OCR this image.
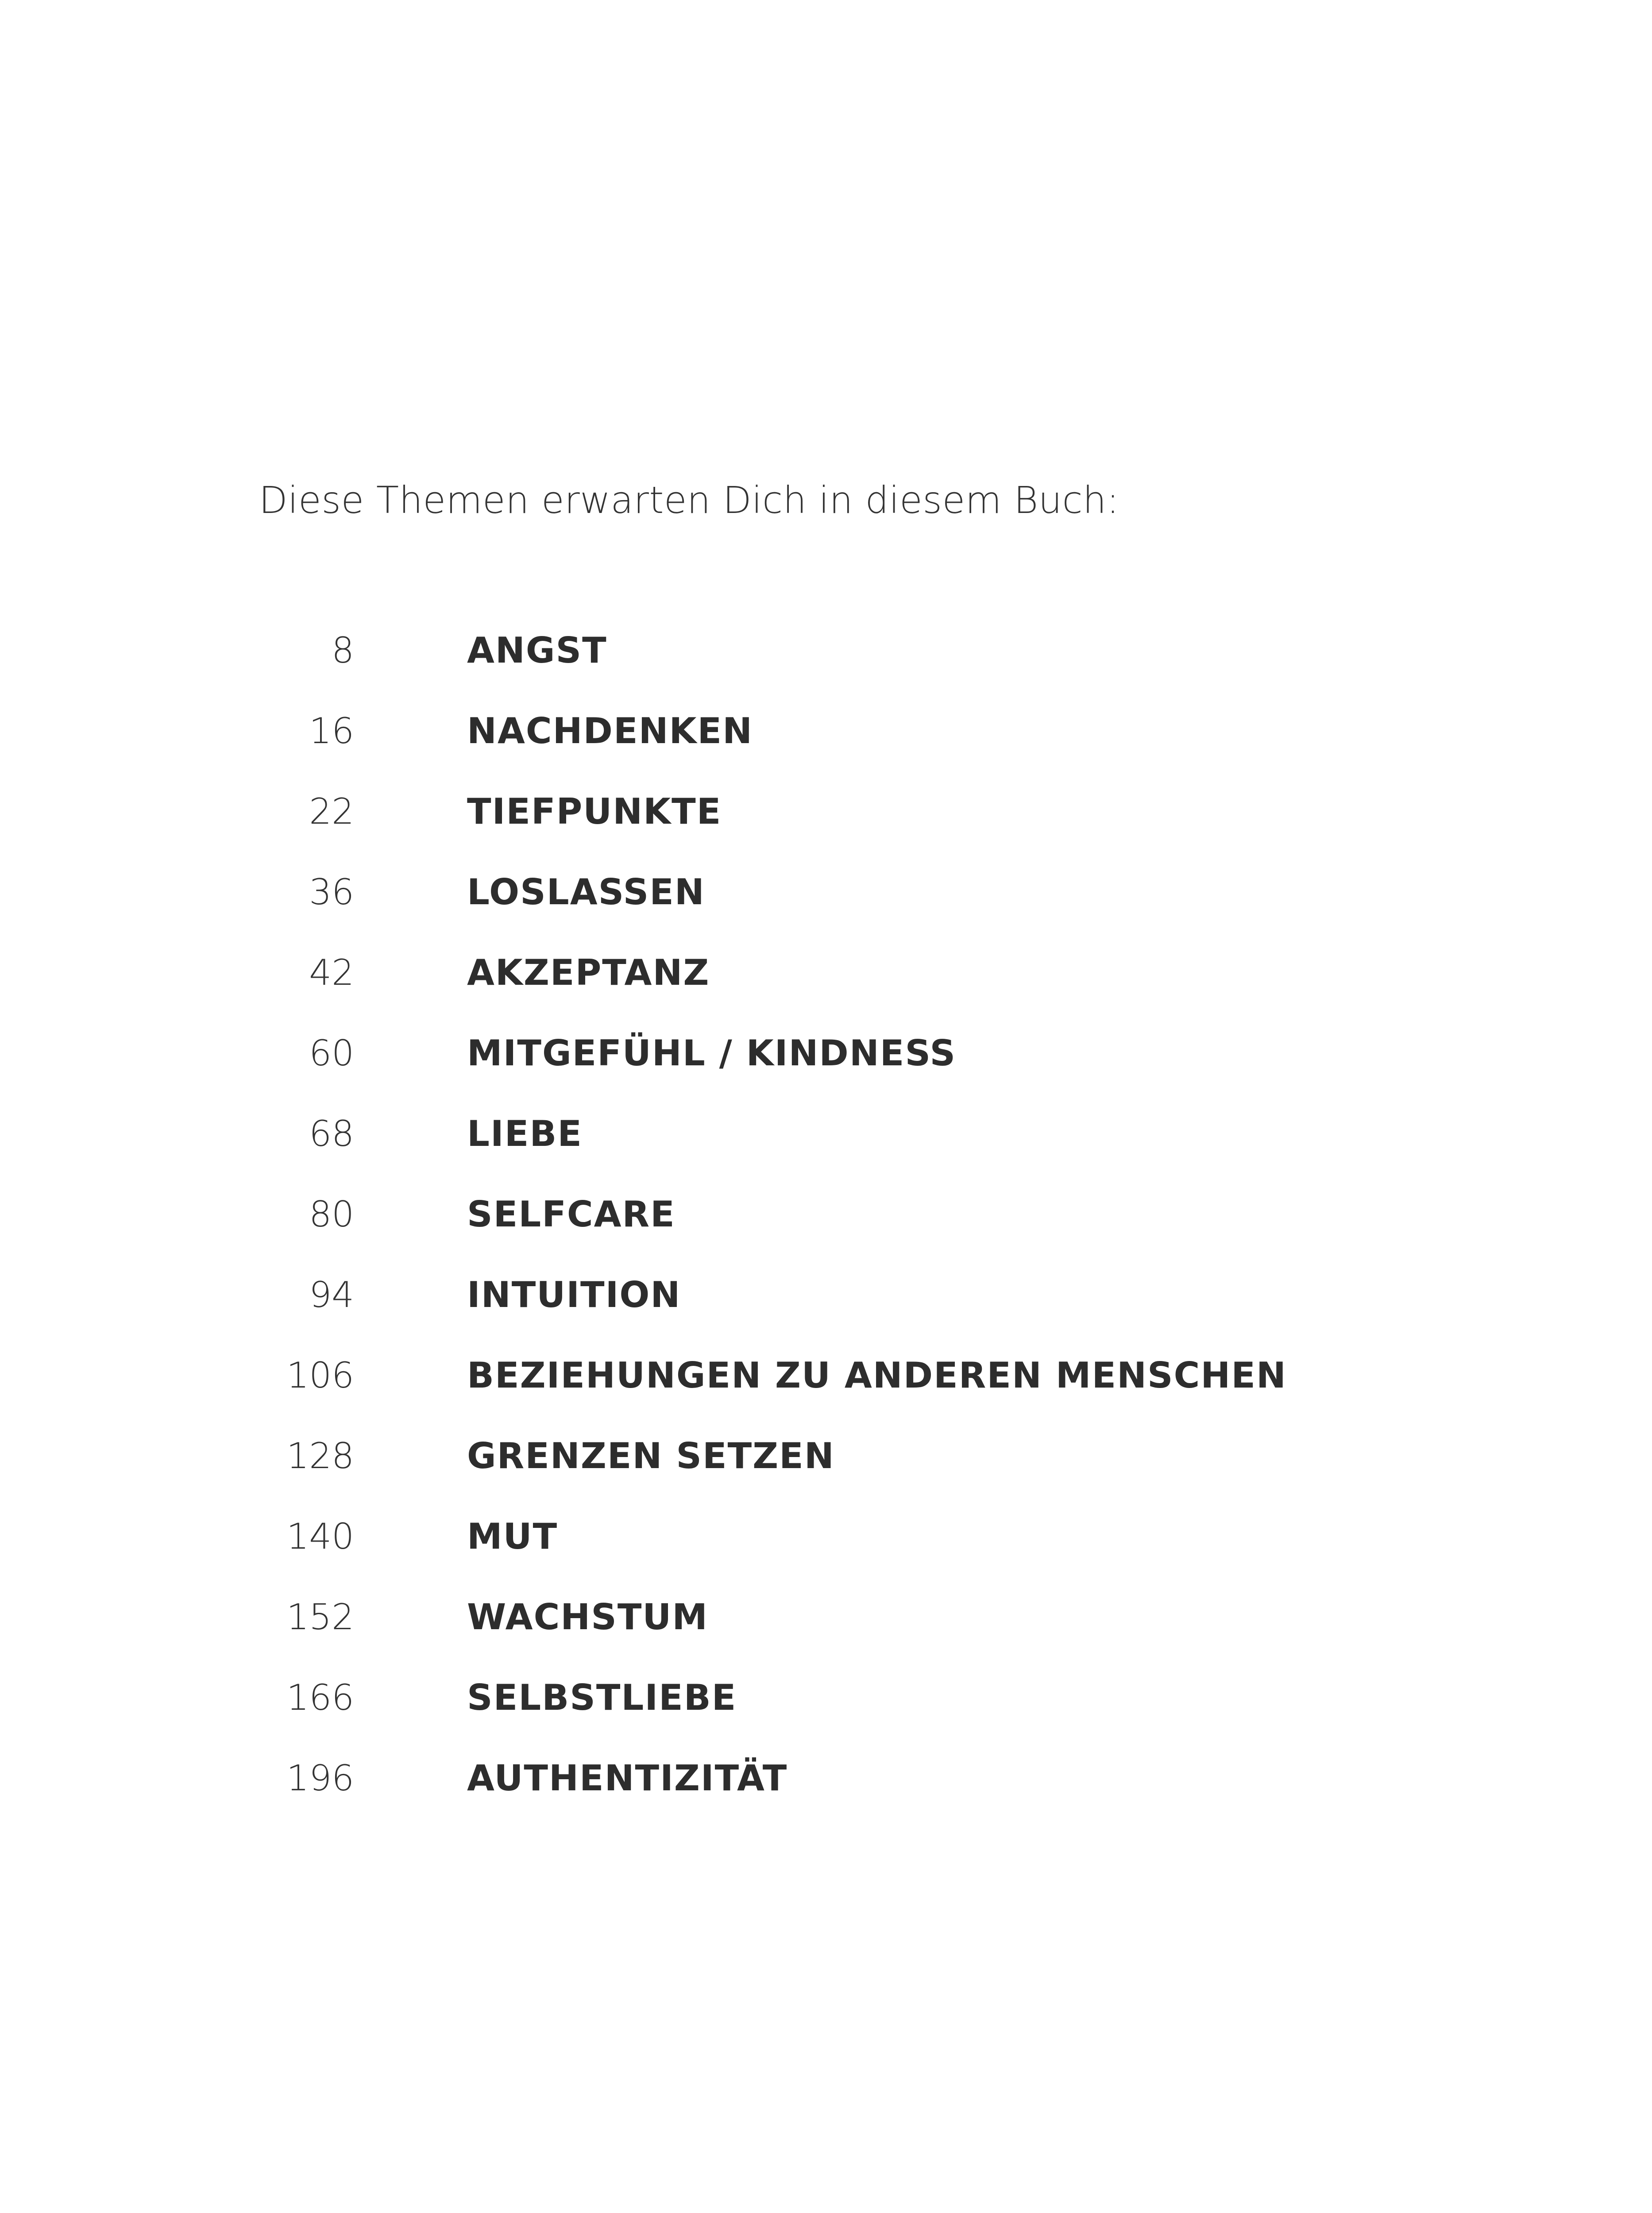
Diese Themen erwarten Dich in diesem Buch:
8	ANGST
16	NACHDENKEN
22	TIEFPUNKTE
36	LOSLASSEN
42	AKZEPTANZ
60	MITGEFÜHL / KINDNESS
68	LIEBE
80	SELFCARE
94	INTUITION
106	BEZIEHUNGEN ZU ANDEREN MENSCHEN
128	GRENZEN SETZEN
140	MUT
152	WACHSTUM
166	SELBSTLIEBE
196	AUTHENTIZITÄT
